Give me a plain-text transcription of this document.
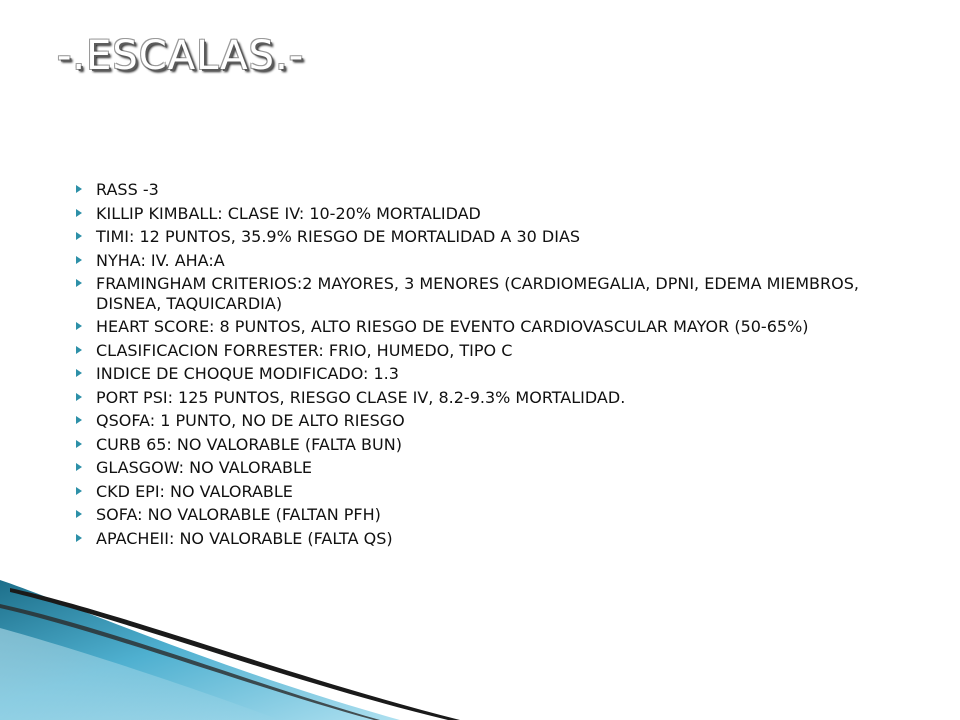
-.ESCALAS.-
RASS -3
KILLIP KIMBALL: CLASE IV: 10-20% MORTALIDAD
TIMI: 12 PUNTOS, 35.9% RIESGO DE MORTALIDAD A 30 DIAS
NYHA: IV. AHA:A
FRAMINGHAM CRITERIOS:2 MAYORES, 3 MENORES (CARDIOMEGALIA, DPNI, EDEMA MIEMBROS, DISNEA, TAQUICARDIA)
HEART SCORE: 8 PUNTOS, ALTO RIESGO DE EVENTO CARDIOVASCULAR MAYOR (50-65%)
CLASIFICACION FORRESTER: FRIO, HUMEDO, TIPO C
INDICE DE CHOQUE MODIFICADO: 1.3
PORT PSI: 125 PUNTOS, RIESGO CLASE IV, 8.2-9.3% MORTALIDAD.
QSOFA: 1 PUNTO, NO DE ALTO RIESGO
CURB 65: NO VALORABLE (FALTA BUN)
GLASGOW: NO VALORABLE
CKD EPI: NO VALORABLE
SOFA: NO VALORABLE (FALTAN PFH)
APACHEII: NO VALORABLE (FALTA QS)
